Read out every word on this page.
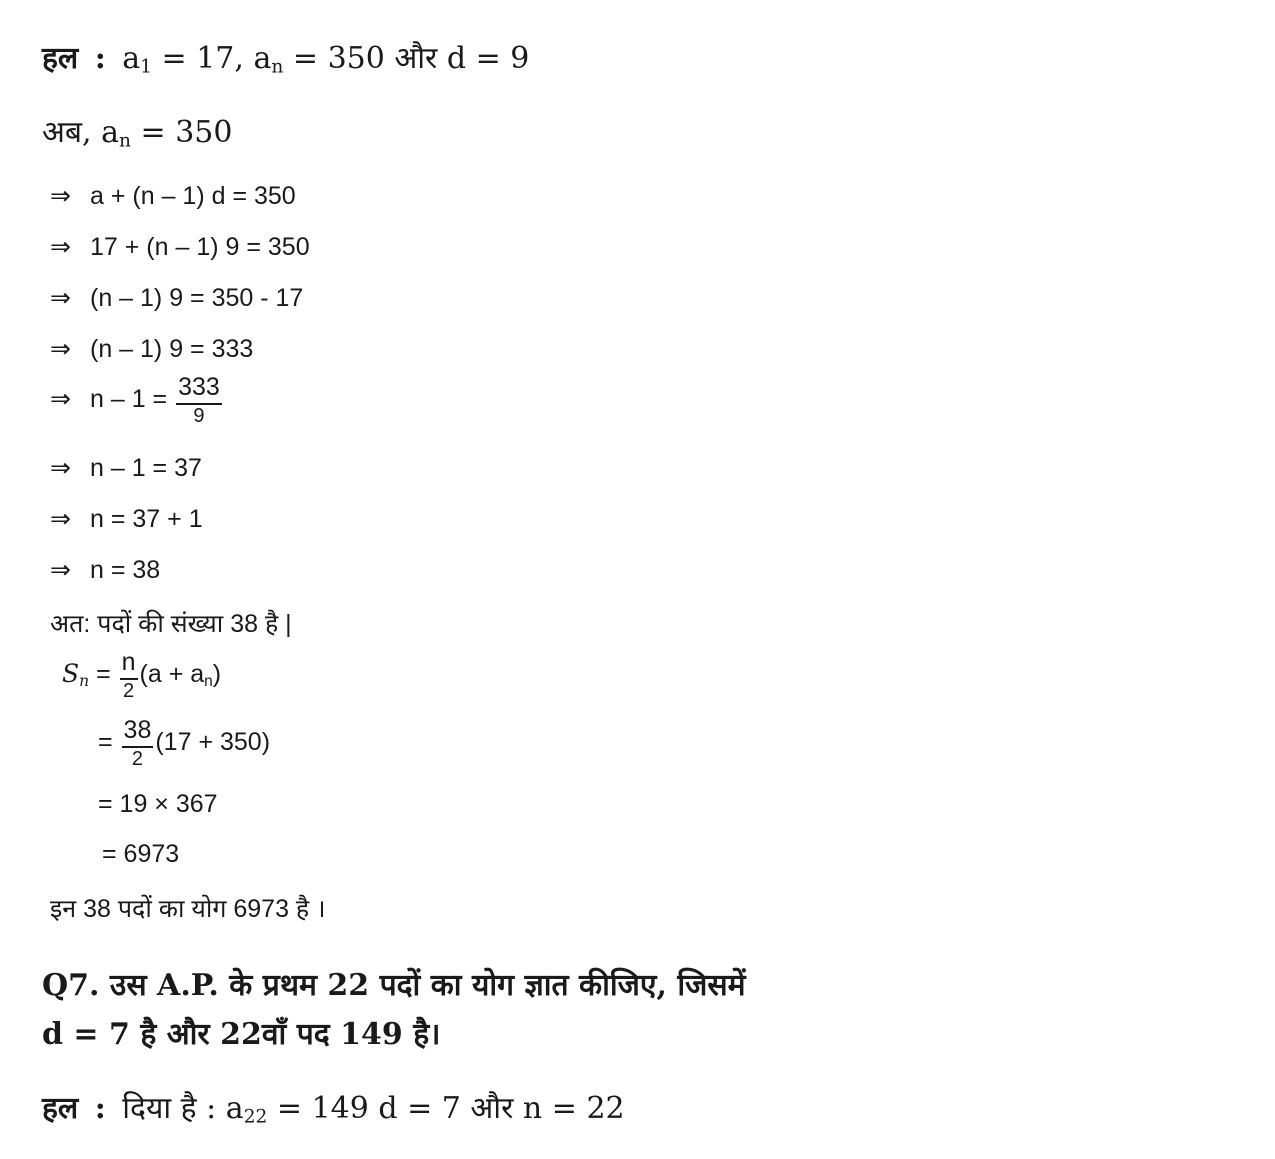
हल : $a_1 = 17$, $a_n = 350$ और d = 9
अब, $a_n = 350$
⇒ a + (n – 1) d = 350
⇒ 17 + (n – 1) 9 = 350
⇒ (n – 1) 9 = 350 - 17
⇒ (n – 1) 9 = 333
⇒ $n - 1 = \frac{333}{9}$
⇒ n – 1 = 37
⇒ n = 37 + 1
⇒ n = 38
अत: पदों की संख्या 38 है |
$S_n = \frac{n}{2} (a + a_n)$
= $\frac{38}{2} (17 + 350)$
= 19 × 367
= 6973
इन 38 पदों का योग 6973 है ।
Q7. उस A.P. के प्रथम 22 पदों का योग ज्ञात कीजिए, जिसमें
d = 7 है और 22वाँ पद 149 है।
हल : दिया है : $a_{22} = 149$ d = 7 और n = 22
